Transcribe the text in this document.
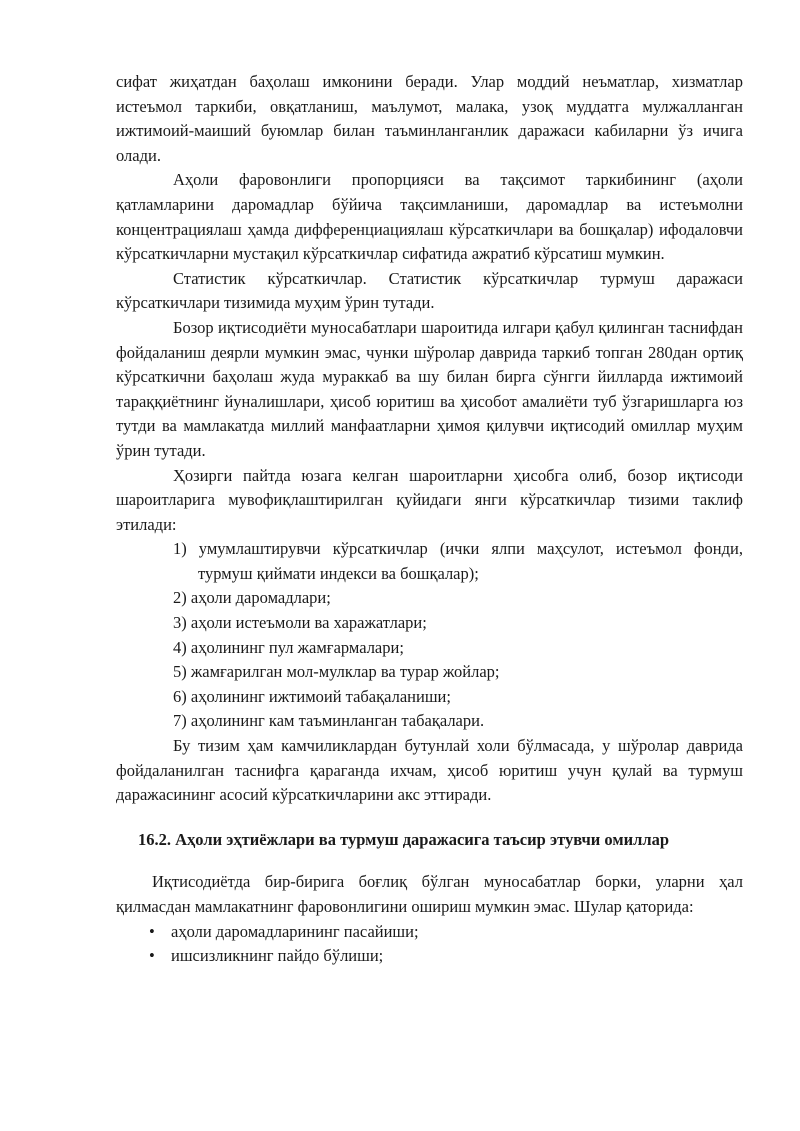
сифат жиҳатдан баҳолаш имконини беради. Улар моддий неъматлар, хизматлар истеъмол таркиби, овқатланиш, маълумот, малака, узоқ муддатга мулжалланган ижтимоий-маиший буюмлар билан таъминланганлик даражаси кабиларни ўз ичига олади.

Аҳоли фаровонлиги пропорцияси ва тақсимот таркибининг (аҳоли қатламларини даромадлар бўйича тақсимланиши, даромадлар ва истеъмолни концентрациялаш ҳамда дифференциациялаш кўрсаткичлари ва бошқалар) ифодаловчи кўрсаткичларни мустақил кўрсаткичлар сифатида ажратиб кўрсатиш мумкин.

Статистик кўрсаткичлар. Статистик кўрсаткичлар турмуш даражаси кўрсаткичлари тизимида муҳим ўрин тутади.

Бозор иқтисодиёти муносабатлари шароитида илгари қабул қилинган таснифдан фойдаланиш деярли мумкин эмас, чунки шўролар даврида таркиб топган 280дан ортиқ кўрсаткични баҳолаш жуда мураккаб ва шу билан бирга сўнгги йилларда ижтимоий тараққиётнинг йуналишлари, ҳисоб юритиш ва ҳисобот амалиёти туб ўзгаришларга юз тутди ва мамлакатда миллий манфаатларни ҳимоя қилувчи иқтисодий омиллар муҳим ўрин тутади.

Ҳозирги пайтда юзага келган шароитларни ҳисобга олиб, бозор иқтисоди шароитларига мувофиқлаштирилган қуйидаги янги кўрсаткичлар тизими таклиф этилади:

1) умумлаштирувчи кўрсаткичлар (ички ялпи маҳсулот, истеъмол фонди, турмуш қиймати индекси ва бошқалар);
2) аҳоли даромадлари;
3) аҳоли истеъмоли ва харажатлари;
4) аҳолининг пул жамғармалари;
5) жамғарилган мол-мулклар ва турар жойлар;
6) аҳолининг ижтимоий табақаланиши;
7) аҳолининг кам таъминланган табақалари.

Бу тизим ҳам камчиликлардан бутунлай холи бўлмасада, у шўролар даврида фойдаланилган таснифга қараганда ихчам, ҳисоб юритиш учун қулай ва турмуш даражасининг асосий кўрсаткичларини акс эттиради.

16.2. Аҳоли эҳтиёжлари ва турмуш даражасига таъсир этувчи омиллар

Иқтисодиётда бир-бирига боғлиқ бўлган муносабатлар борки, уларни ҳал қилмасдан мамлакатнинг фаровонлигини ошириш мумкин эмас. Шулар қаторида:

• аҳоли даромадларининг пасайиши;
• ишсизликнинг пайдо бўлиши;
